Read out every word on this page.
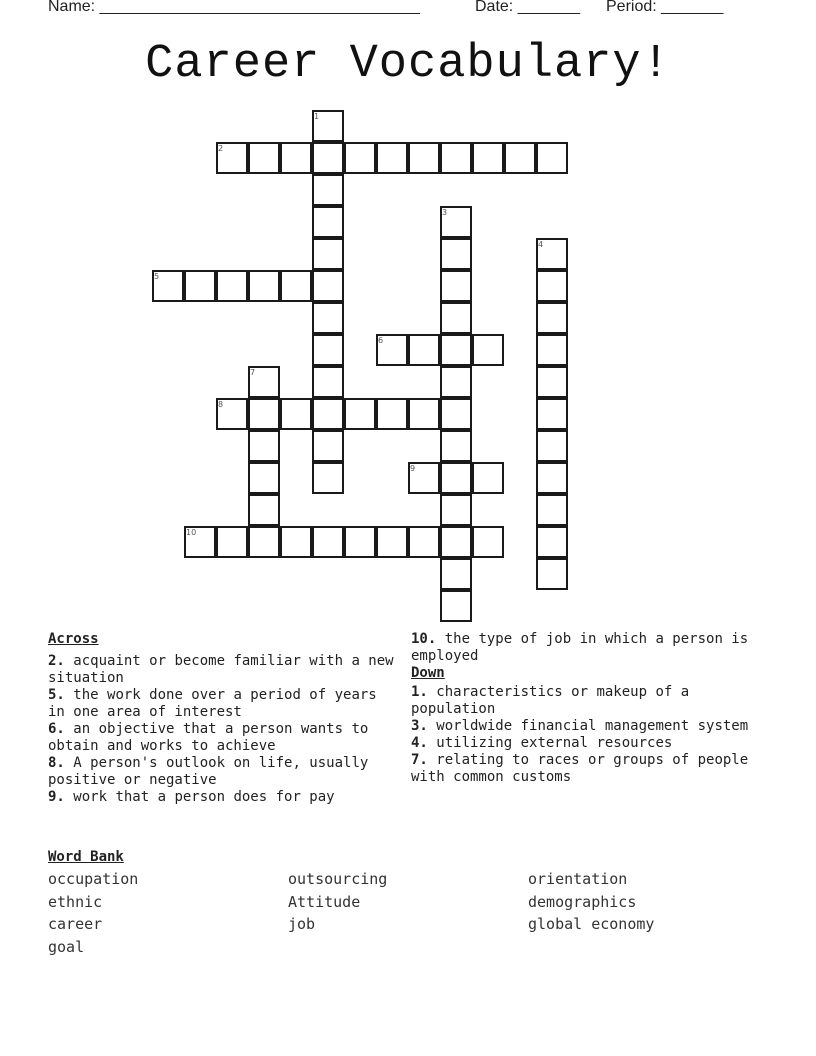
Name: ____________________________________	Date: _______ Period: _______
Career Vocabulary!
2
5
6
8
9
10
1
3
4
7
Across
2. acquaint or become familiar with a new situation
5. the work done over a period of years in one area of interest
6. an objective that a person wants to obtain and works to achieve
8. A person's outlook on life, usually positive or negative
9. work that a person does for pay
10. the type of job in which a person is employed
Down
1. characteristics or makeup of a population
3. worldwide financial management system
4. utilizing external resources
7. relating to races or groups of people with common customs
Word Bank
occupation	outsourcing	orientation
ethnic	Attitude	demographics
career	job	global economy
goal
